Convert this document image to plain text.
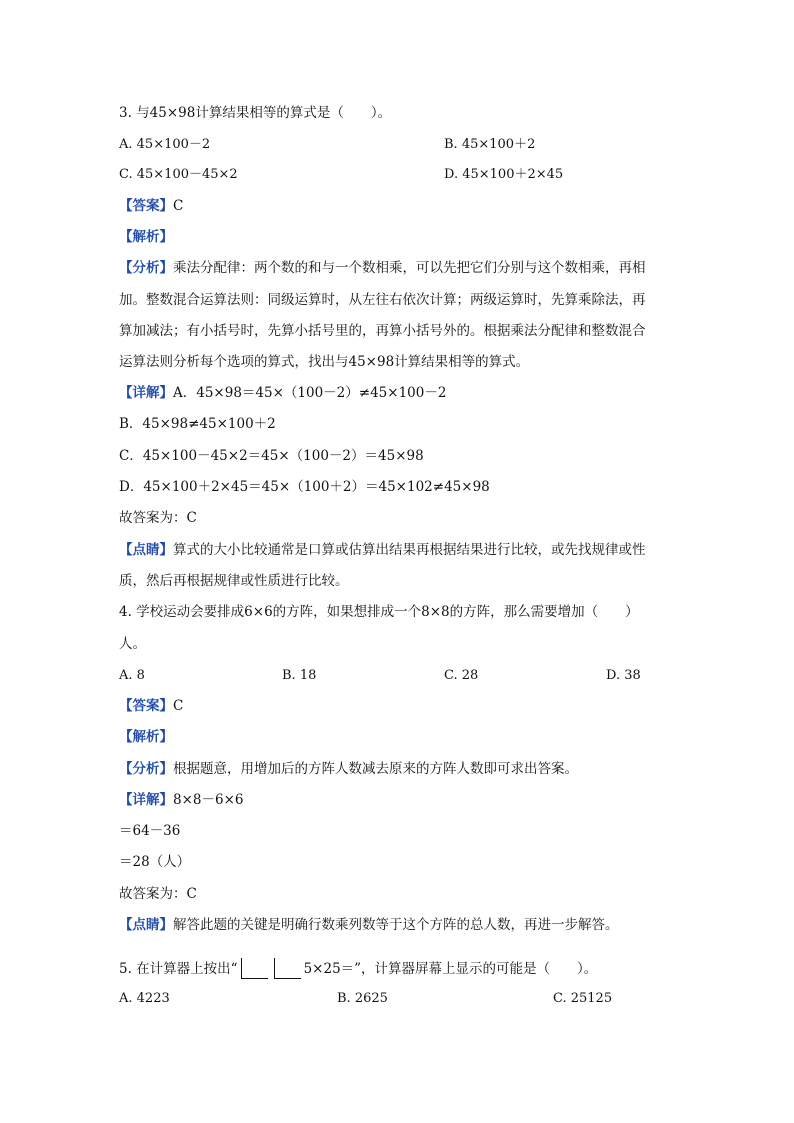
3. 与45×98计算结果相等的算式是（　　）。
A. 45×100－2	B. 45×100＋2
C. 45×100－45×2	D. 45×100＋2×45
【答案】C
【解析】
【分析】乘法分配律：两个数的和与一个数相乘，可以先把它们分别与这个数相乘，再相
加。整数混合运算法则：同级运算时，从左往右依次计算；两级运算时，先算乘除法，再
算加减法；有小括号时，先算小括号里的，再算小括号外的。根据乘法分配律和整数混合
运算法则分析每个选项的算式，找出与45×98计算结果相等的算式。
【详解】A．45×98＝45×（100－2）≠45×100－2
B．45×98≠45×100＋2
C．45×100－45×2＝45×（100－2）＝45×98
D．45×100＋2×45＝45×（100＋2）＝45×102≠45×98
故答案为：C
【点睛】算式的大小比较通常是口算或估算出结果再根据结果进行比较，或先找规律或性
质，然后再根据规律或性质进行比较。
4. 学校运动会要排成6×6的方阵，如果想排成一个8×8的方阵，那么需要增加（　　）
人。
A. 8	B. 18	C. 28	D. 38
【答案】C
【解析】
【分析】根据题意，用增加后的方阵人数减去原来的方阵人数即可求出答案。
【详解】8×8－6×6
＝64－36
＝28（人）
故答案为：C
【点睛】解答此题的关键是明确行数乘列数等于这个方阵的总人数，再进一步解答。
5. 在计算器上按出“	5×25＝”，计算器屏幕上显示的可能是（　　）。
A. 4223	B. 2625	C. 25125
